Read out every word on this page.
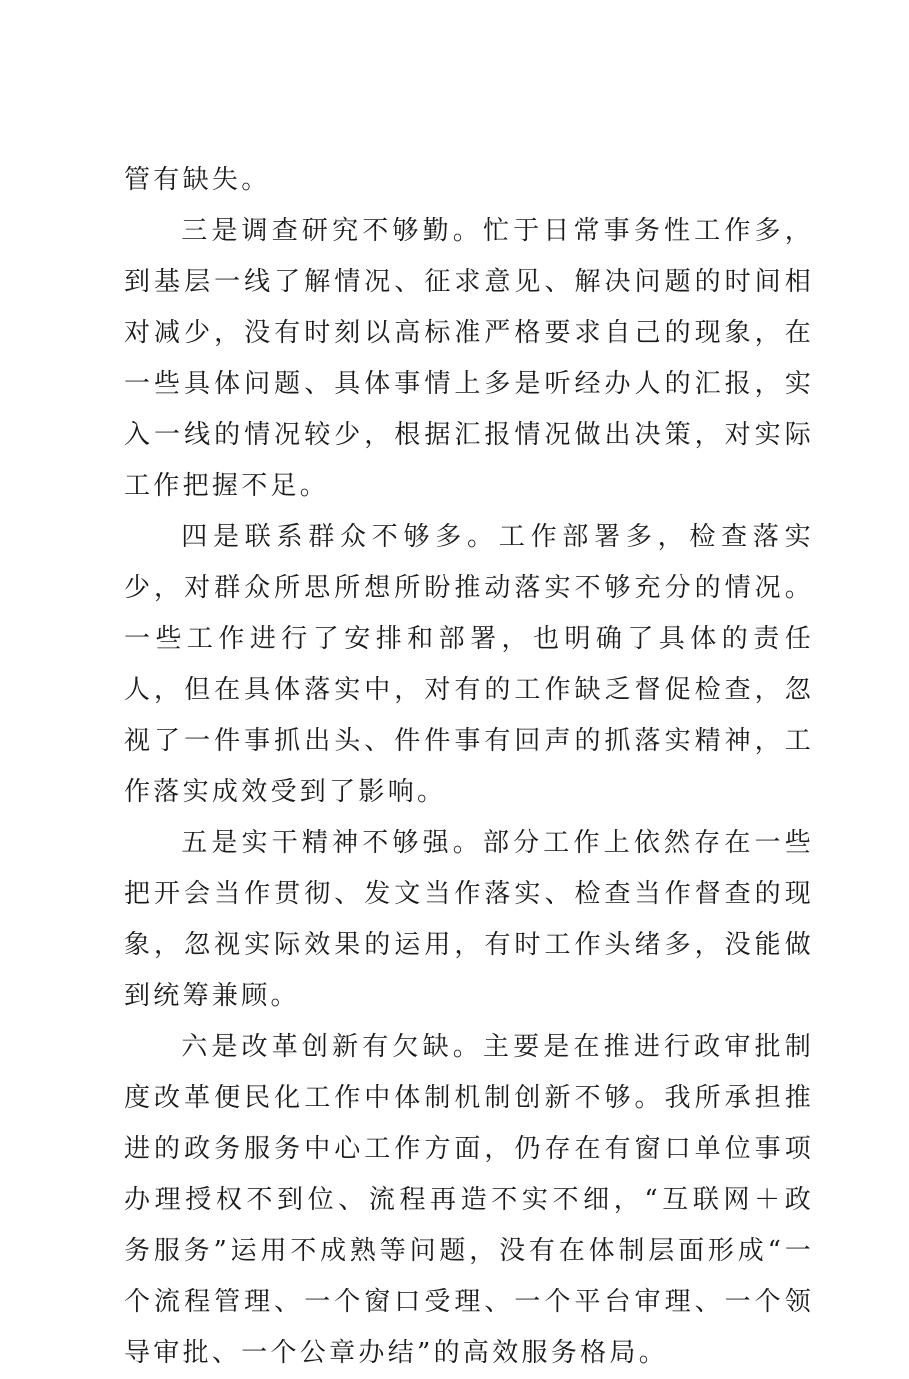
管有缺失。

三是调查研究不够勤。忙于日常事务性工作多，到基层一线了解情况、征求意见、解决问题的时间相对减少，没有时刻以高标准严格要求自己的现象，在一些具体问题、具体事情上多是听经办人的汇报，实入一线的情况较少，根据汇报情况做出决策，对实际工作把握不足。

四是联系群众不够多。工作部署多，检查落实少，对群众所思所想所盼推动落实不够充分的情况。一些工作进行了安排和部署，也明确了具体的责任人，但在具体落实中，对有的工作缺乏督促检查，忽视了一件事抓出头、件件事有回声的抓落实精神，工作落实成效受到了影响。

五是实干精神不够强。部分工作上依然存在一些把开会当作贯彻、发文当作落实、检查当作督查的现象，忽视实际效果的运用，有时工作头绪多，没能做到统筹兼顾。

六是改革创新有欠缺。主要是在推进行政审批制度改革便民化工作中体制机制创新不够。我所承担推进的政务服务中心工作方面，仍存在有窗口单位事项办理授权不到位、流程再造不实不细，“互联网＋政务服务”运用不成熟等问题，没有在体制层面形成“一个流程管理、一个窗口受理、一个平台审理、一个领导审批、一个公章办结”的高效服务格局。
